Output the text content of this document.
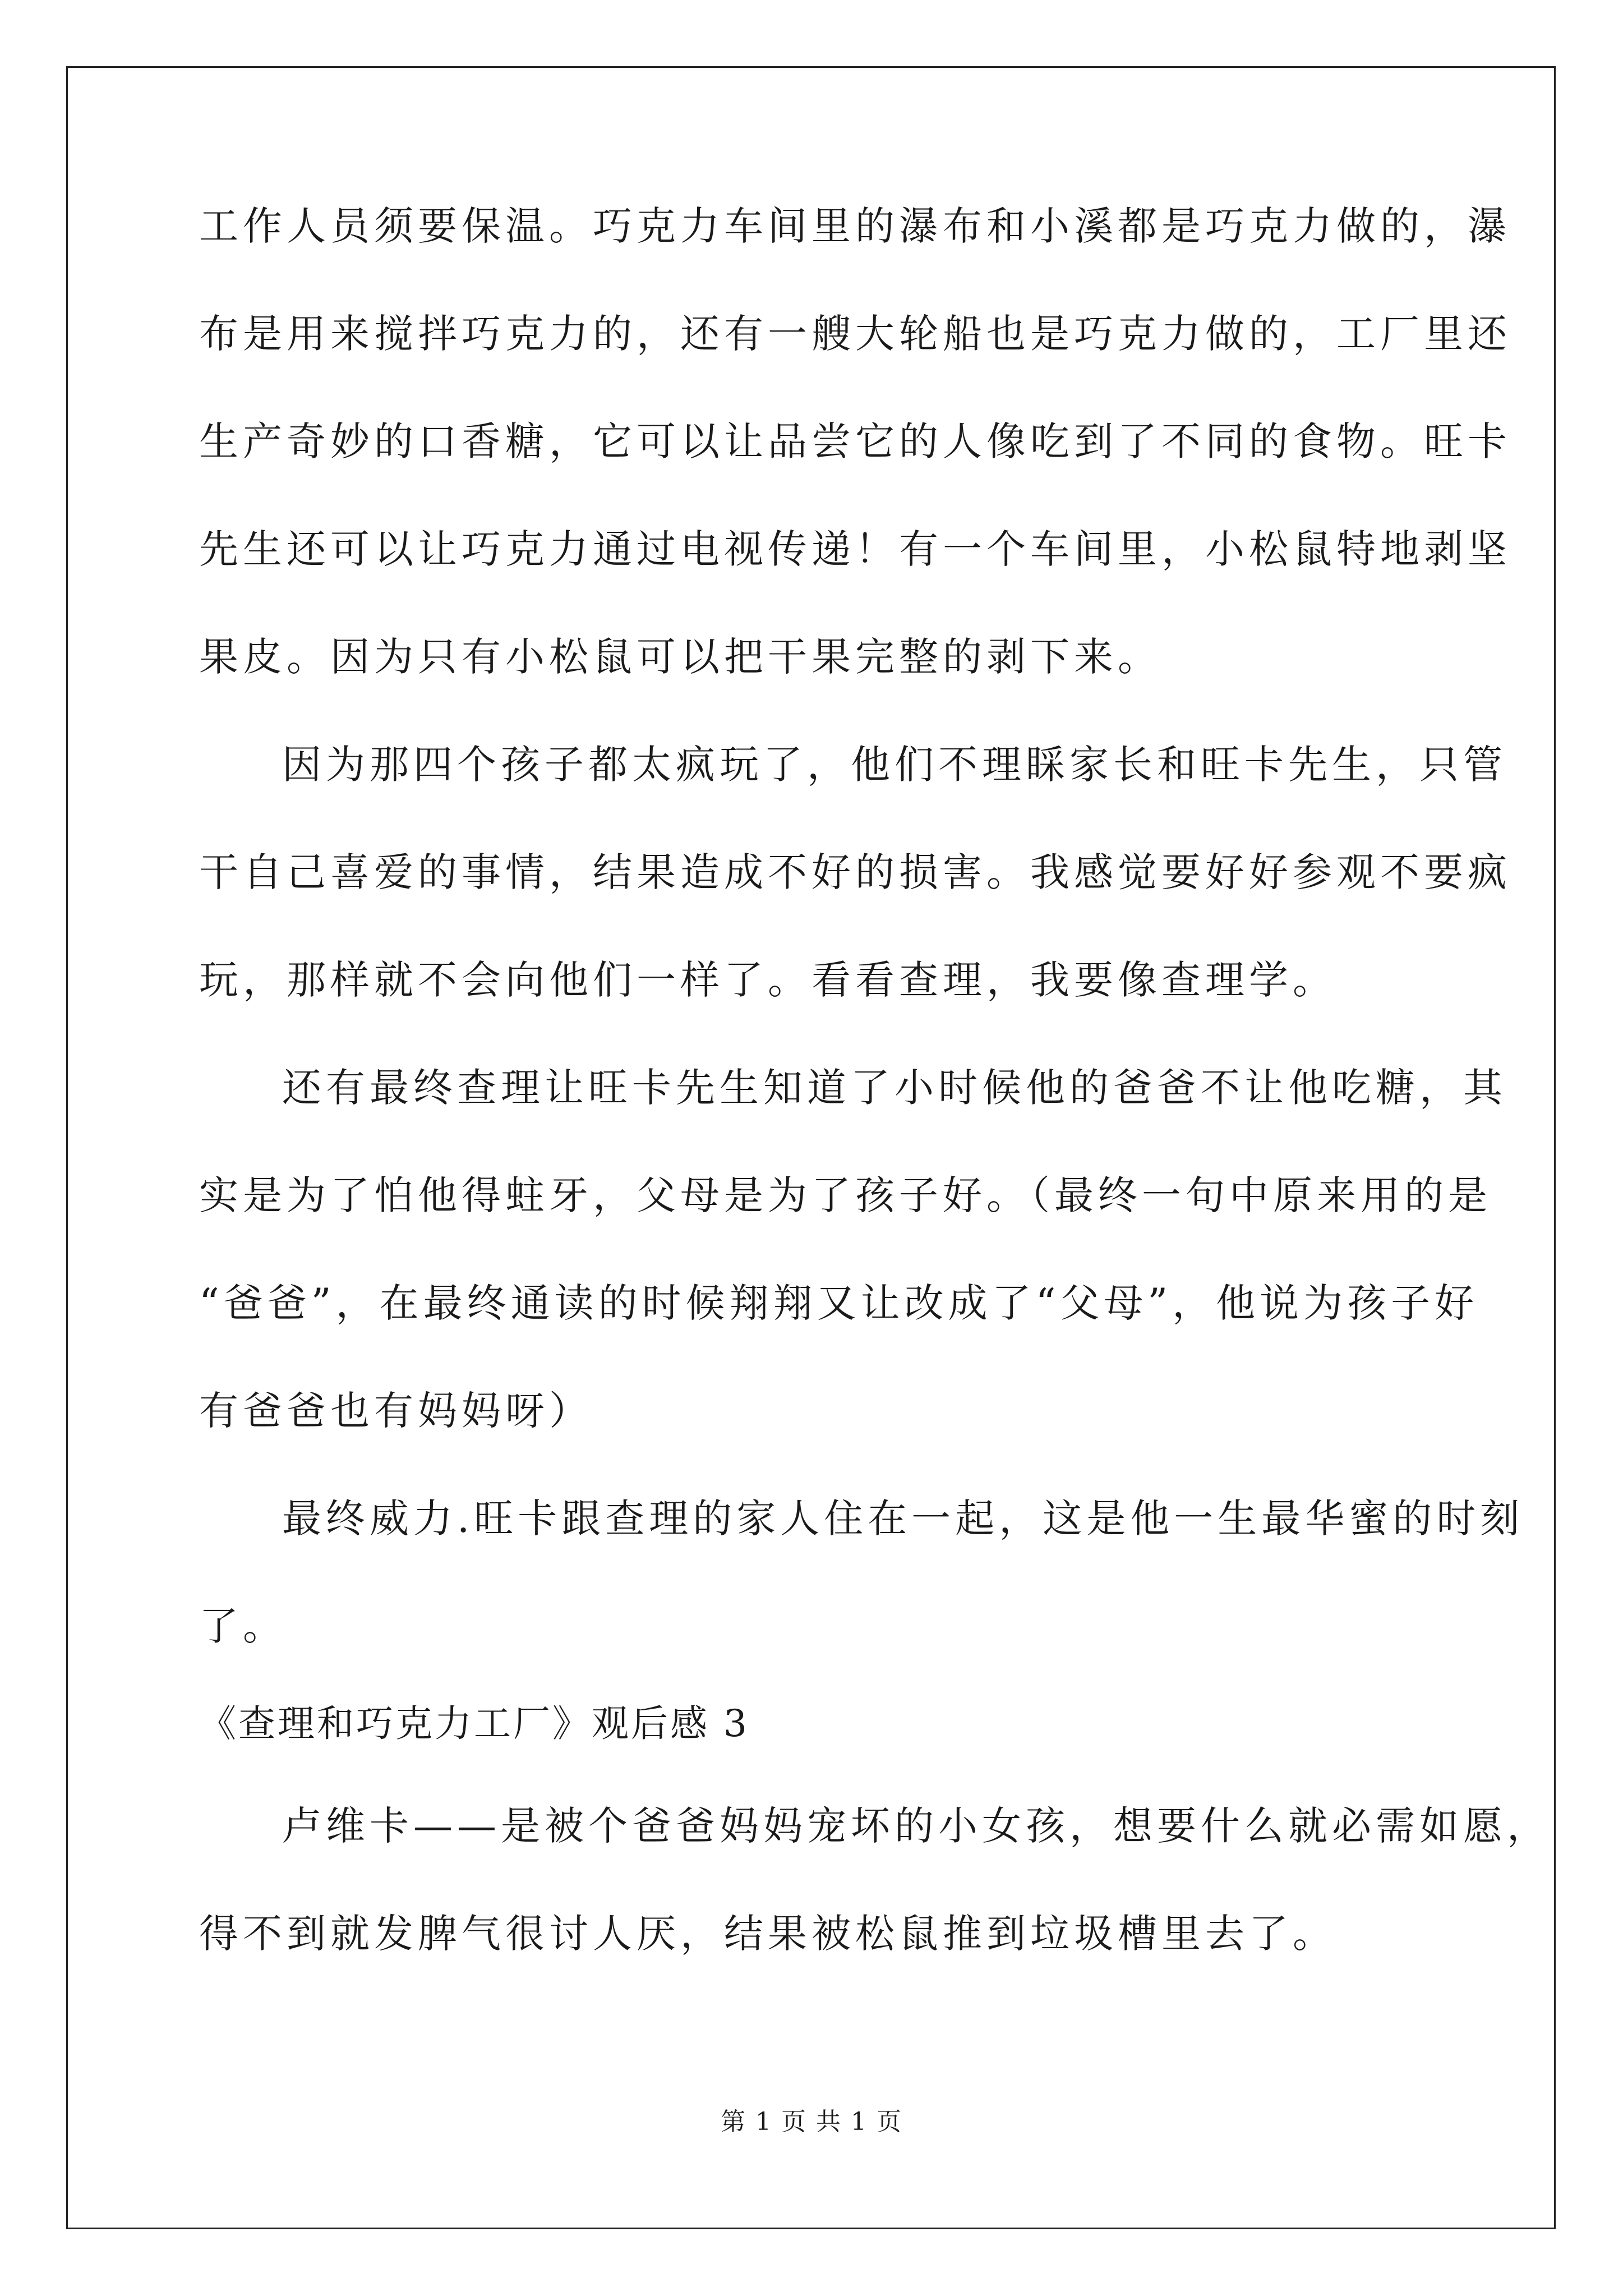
工作人员须要保温。巧克力车间里的瀑布和小溪都是巧克力做的，瀑
布是用来搅拌巧克力的，还有一艘大轮船也是巧克力做的，工厂里还
生产奇妙的口香糖，它可以让品尝它的人像吃到了不同的食物。旺卡
先生还可以让巧克力通过电视传递！有一个车间里，小松鼠特地剥坚
果皮。因为只有小松鼠可以把干果完整的剥下来。
因为那四个孩子都太疯玩了，他们不理睬家长和旺卡先生，只管
干自己喜爱的事情，结果造成不好的损害。我感觉要好好参观不要疯
玩，那样就不会向他们一样了。看看查理，我要像查理学。
还有最终查理让旺卡先生知道了小时候他的爸爸不让他吃糖，其
实是为了怕他得蛀牙，父母是为了孩子好。（最终一句中原来用的是
“爸爸”，在最终通读的时候翔翔又让改成了“父母”，他说为孩子好
有爸爸也有妈妈呀）
最终威力.旺卡跟查理的家人住在一起，这是他一生最华蜜的时刻
了。
《查理和巧克力工厂》观后感 3
卢维卡——是被个爸爸妈妈宠坏的小女孩，想要什么就必需如愿，
得不到就发脾气很讨人厌，结果被松鼠推到垃圾槽里去了。
第 1 页 共 1 页
